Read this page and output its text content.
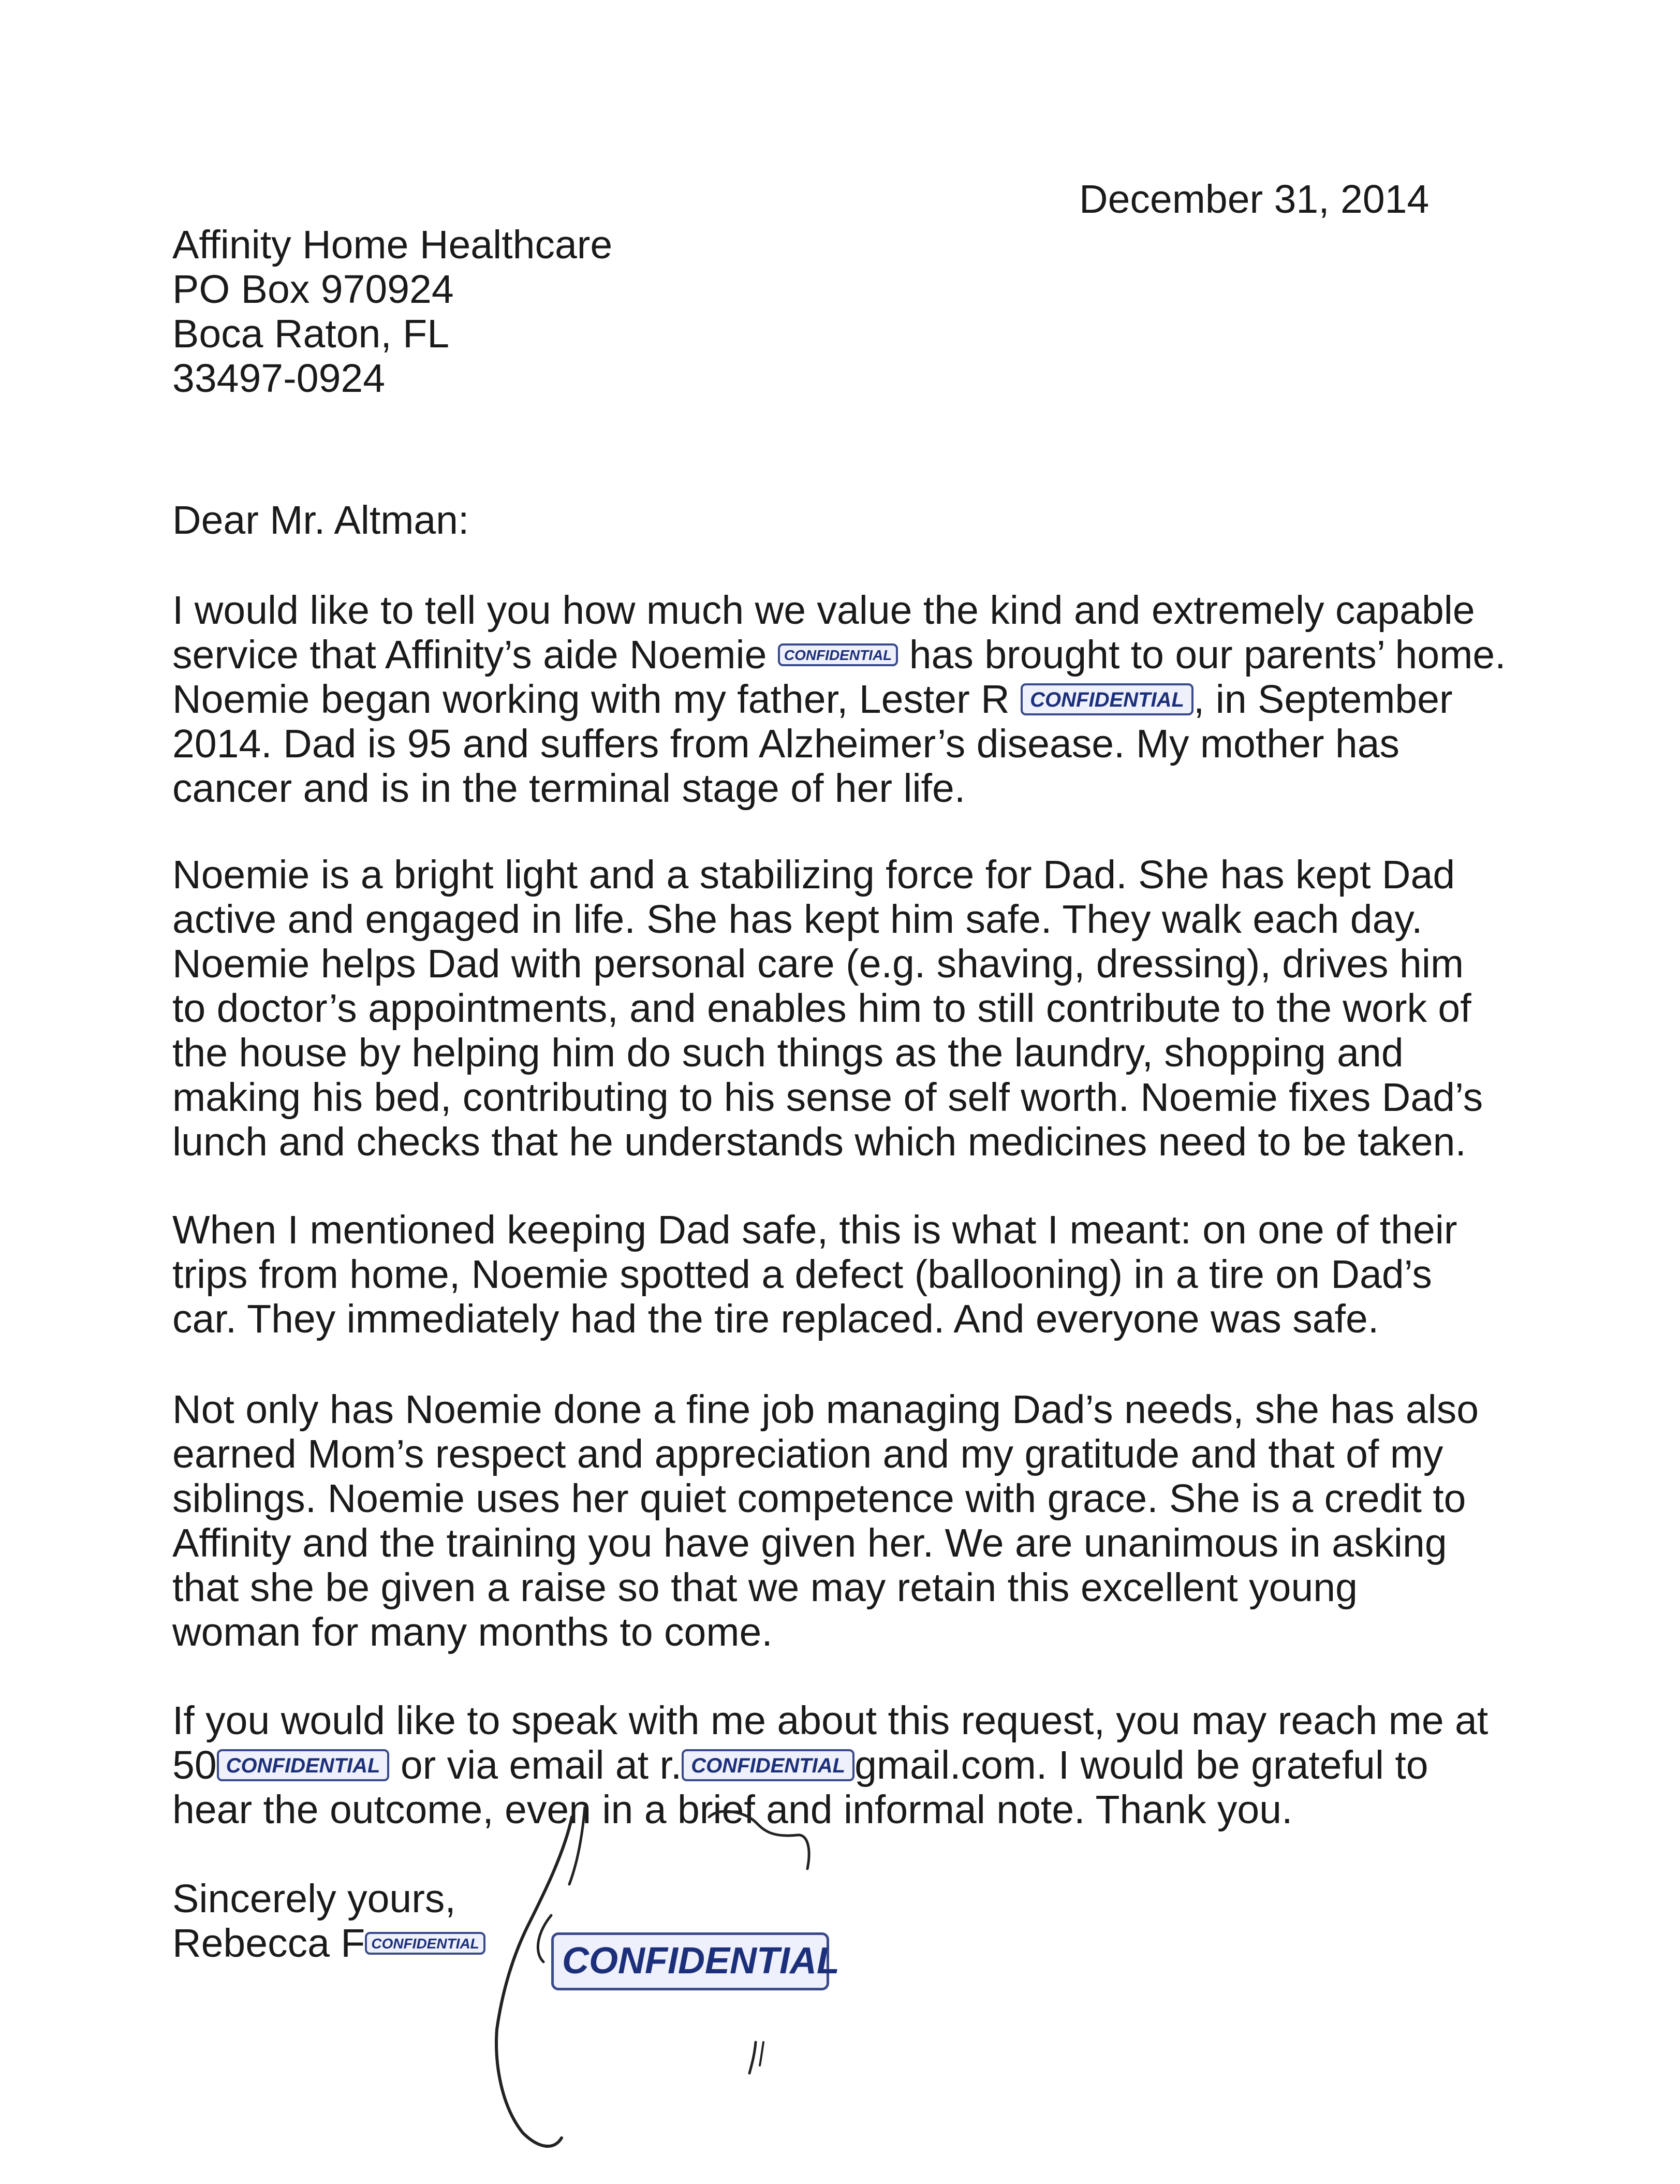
December 31, 2014
Affinity Home Healthcare
PO Box 970924
Boca Raton, FL
33497-0924
Dear Mr. Altman:
I would like to tell you how much we value the kind and extremely capable
service that Affinity’s aide Noemie CONFIDENTIAL has brought to our parents’ home.
Noemie began working with my father, Lester R CONFIDENTIAL , in September
2014. Dad is 95 and suffers from Alzheimer’s disease. My mother has
cancer and is in the terminal stage of her life.
Noemie is a bright light and a stabilizing force for Dad. She has kept Dad
active and engaged in life. She has kept him safe. They walk each day.
Noemie helps Dad with personal care (e.g. shaving, dressing), drives him
to doctor’s appointments, and enables him to still contribute to the work of
the house by helping him do such things as the laundry, shopping and
making his bed, contributing to his sense of self worth. Noemie fixes Dad’s
lunch and checks that he understands which medicines need to be taken.
When I mentioned keeping Dad safe, this is what I meant: on one of their
trips from home, Noemie spotted a defect (ballooning) in a tire on Dad’s
car. They immediately had the tire replaced. And everyone was safe.
Not only has Noemie done a fine job managing Dad’s needs, she has also
earned Mom’s respect and appreciation and my gratitude and that of my
siblings. Noemie uses her quiet competence with grace. She is a credit to
Affinity and the training you have given her. We are unanimous in asking
that she be given a raise so that we may retain this excellent young
woman for many months to come.
If you would like to speak with me about this request, you may reach me at
50 CONFIDENTIAL or via email at r. CONFIDENTIAL gmail.com. I would be grateful to
hear the outcome, even in a brief and informal note. Thank you.
Sincerely yours,
Rebecca F CONFIDENTIAL CONFIDENTIAL
